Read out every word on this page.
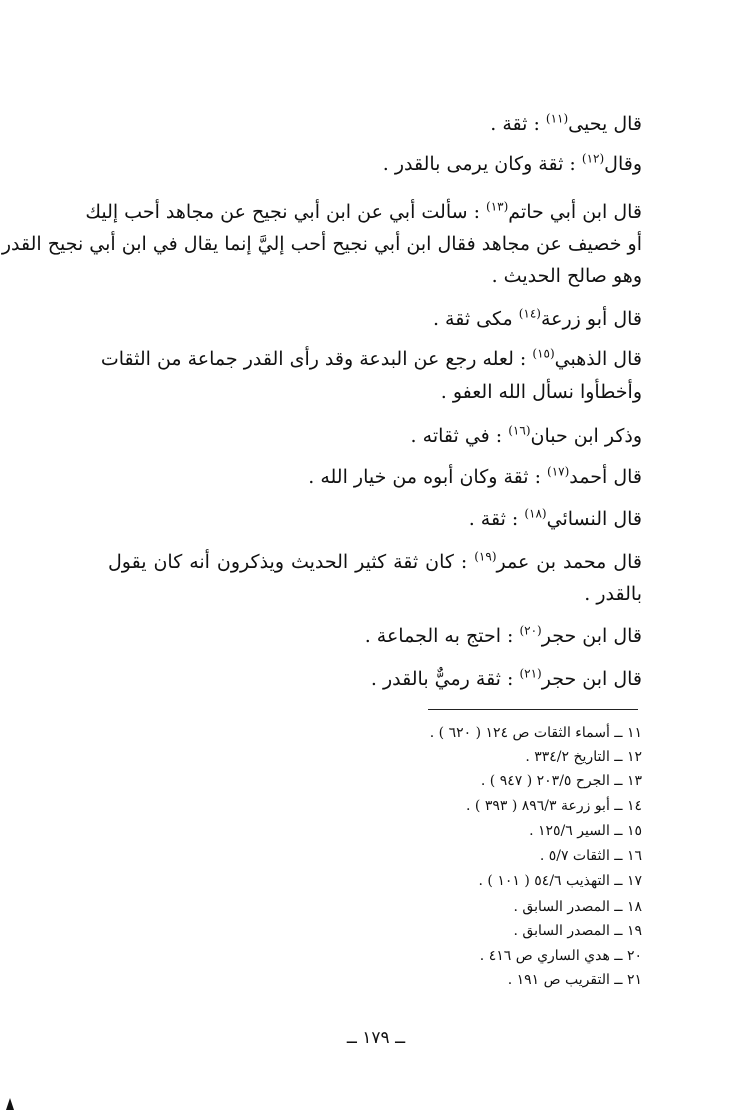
قال يحيى$^{(١١)}$ : ثقة .
وقال$^{(١٢)}$ : ثقة وكان يرمى بالقدر .
قال ابن أبي حاتم$^{(١٣)}$ : سألت أبي عن ابن أبي نجيح عن مجاهد أحب إليك
أو خصيف عن مجاهد فقال ابن أبي نجيح أحب إليَّ إنما يقال في ابن أبي نجيح القدر
وهو صالح الحديث .
قال أبو زرعة$^{(١٤)}$ مكى ثقة .
قال الذهبي$^{(١٥)}$ : لعله رجع عن البدعة وقد رأى القدر جماعة من الثقات
وأخطأوا نسأل الله العفو .
وذكر ابن حبان$^{(١٦)}$ : في ثقاته .
قال أحمد$^{(١٧)}$ : ثقة وكان أبوه من خيار الله .
قال النسائي$^{(١٨)}$ : ثقة .
قال محمد بن عمر$^{(١٩)}$ : كان ثقة كثير الحديث ويذكرون أنه كان يقول
بالقدر .
قال ابن حجر$^{(٢٠)}$ : احتج به الجماعة .
قال ابن حجر$^{(٢١)}$ : ثقة رميٌّ بالقدر .
١١ ــ أسماء الثقات ص ١٢٤ ( ٦٢٠ ) .
١٢ ــ التاريخ ٣٣٤/٢ .
١٣ ــ الجرح ٢٠٣/٥ ( ٩٤٧ ) .
١٤ ــ أبو زرعة ٨٩٦/٣ ( ٣٩٣ ) .
١٥ ــ السير ١٢٥/٦ .
١٦ ــ الثقات ٥/٧ .
١٧ ــ التهذيب ٥٤/٦ ( ١٠١ ) .
١٨ ــ المصدر السابق .
١٩ ــ المصدر السابق .
٢٠ ــ هدي الساري ص ٤١٦ .
٢١ ــ التقريب ص ١٩١ .
ــ ١٧٩ ــ
